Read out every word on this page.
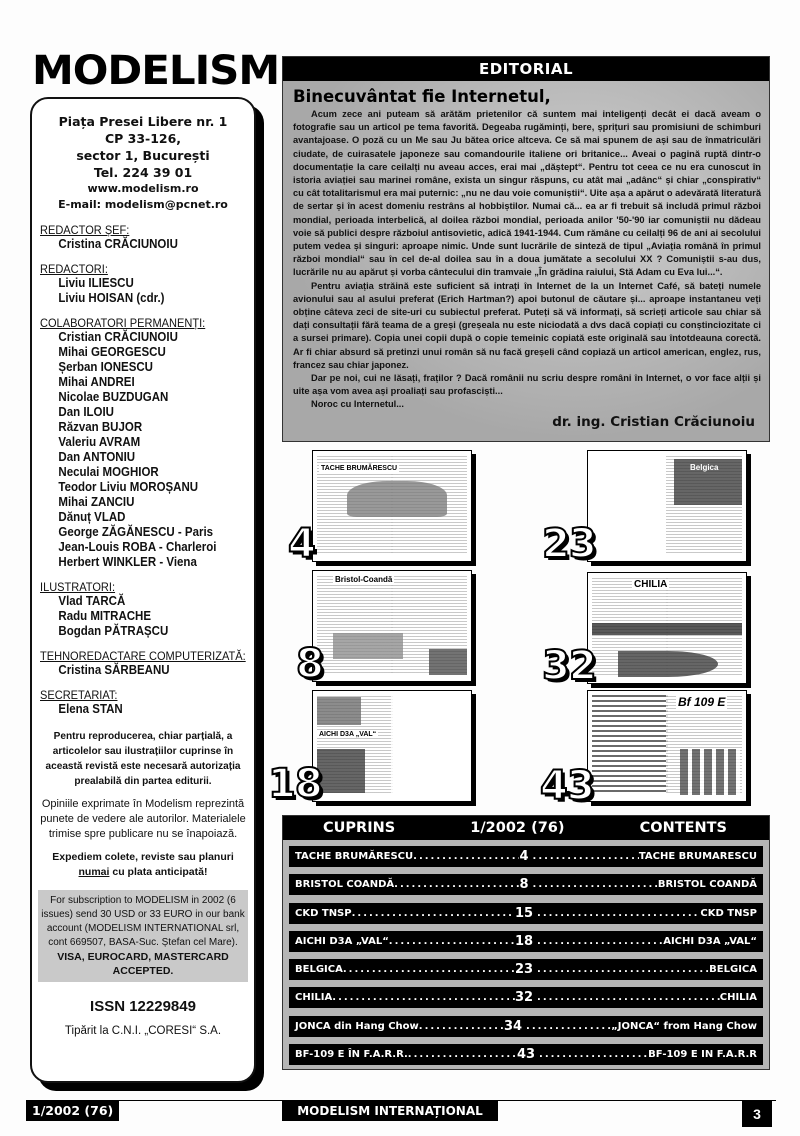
MODELISM
Piața Presei Libere nr. 1
CP 33-126,
sector 1, București
Tel. 224 39 01
www.modelism.ro
E-mail: modelism@pcnet.ro
REDACTOR ȘEF:
Cristina CRĂCIUNOIU
REDACTORI:
Liviu ILIESCU
Liviu HOISAN (cdr.)
COLABORATORI PERMANENȚI:
Cristian CRĂCIUNOIU
Mihai GEORGESCU
Șerban IONESCU
Mihai ANDREI
Nicolae BUZDUGAN
Dan ILOIU
Răzvan BUJOR
Valeriu AVRAM
Dan ANTONIU
Neculai MOGHIOR
Teodor Liviu MOROȘANU
Mihai ZANCIU
Dănuț VLAD
George ZĂGĂNESCU - Paris
Jean-Louis ROBA - Charleroi
Herbert WINKLER - Viena
ILUSTRATORI:
Vlad TARCĂ
Radu MITRACHE
Bogdan PĂTRAȘCU
TEHNOREDACTARE COMPUTERIZATĂ:
Cristina SĂRBEANU
SECRETARIAT:
Elena STAN
Pentru reproducerea, chiar parțială, a articolelor sau ilustrațiilor cuprinse în această revistă este necesară autorizația prealabilă din partea editurii.
Opiniile exprimate în Modelism reprezintă punete de vedere ale autorilor. Materialele trimise spre publicare nu se înapoiază.
Expediem colete, reviste sau planuri numai cu plata anticipată!
For subscription to MODELISM in 2002 (6 issues) send 30 USD or 33 EURO in our bank account (MODELISM INTERNATIONAL srl, cont 669507, BASA-Suc. Ștefan cel Mare).
VISA, EUROCARD, MASTERCARD ACCEPTED.
ISSN 12229849
Tipărit la C.N.I. „CORESI“ S.A.
EDITORIAL
Binecuvântat fie Internetul,

Acum zece ani puteam să arătăm prietenilor că suntem mai inteligenți decât ei dacă aveam o fotografie sau un articol pe tema favorită. Degeaba rugăminți, bere, șprițuri sau promisiuni de schimburi avantajoase. O poză cu un Me sau Ju bătea orice altceva. Ce să mai spunem de ași sau de înmatriculări ciudate, de cuirasatele japoneze sau comandourile italiene ori britanice... Aveai o pagină ruptă dintr-o documentație la care ceilalți nu aveau acces, erai mai „dăștept“. Pentru tot ceea ce nu era cunoscut în istoria aviației sau marinei române, exista un singur răspuns, cu atât mai „adânc“ și chiar „conspirativ“ cu cât totalitarismul era mai puternic: „nu ne dau voie comuniștii“. Uite așa a apărut o adevărată literatură de sertar și în acest domeniu restrâns al hobbiștilor. Numai că... ea ar fi trebuit să includă primul război mondial, perioada interbelică, al doilea război mondial, perioada anilor '50-'90 iar comuniștii nu dădeau voie să publici despre războiul antisovietic, adică 1941-1944. Cum rămâne cu ceilalți 96 de ani ai secolului putem vedea și singuri: aproape nimic. Unde sunt lucrările de sinteză de tipul „Aviația română în primul război mondial“ sau în cel de-al doilea sau în a doua jumătate a secolului XX ? Comuniștii s-au dus, lucrările nu au apărut și vorba cântecului din tramvaie „În grădina raiului, Stă Adam cu Eva lui...“.

Pentru aviația străină este suficient să intrați în Internet de la un Internet Café, să bateți numele avionului sau al asului preferat (Erich Hartman?) apoi butonul de căutare și... aproape instantaneu veți obține câteva zeci de site-uri cu subiectul preferat. Puteți să vă informați, să scrieți articole sau chiar să dați consultații fără teama de a greși (greșeala nu este niciodată a dvs dacă copiați cu conștinciozitate ci a sursei primare). Copia unei copii după o copie temeinic copiată este originală sau întotdeauna corectă. Ar fi chiar absurd să pretinzi unui român să nu facă greșeli când copiază un articol american, englez, rus, francez sau chiar japonez.

Dar pe noi, cui ne lăsați, fraților ? Dacă românii nu scriu despre români în Internet, o vor face alții și uite așa vom avea ași proaliați sau profasciști...

Noroc cu Internetul...

dr. ing. Cristian Crăciunoiu
TACHE BRUMĂRESCU
4
Belgica
23
Bristol-Coandă
8
CHILIA
32
AICHI D3A „VAL“
18
Bf 109 E
43
CUPRINS	1/2002 (76)	CONTENTS
TACHE BRUMĂRESCU .....	4 .....	TACHE BRUMARESCU
BRISTOL COANDĂ .....	8 .....	BRISTOL COANDĂ
CKD TNSP .....	15 .....	CKD TNSP
AICHI D3A „VAL“ .....	18 .....	AICHI D3A „VAL“
BELGICA .....	23 .....	BELGICA
CHILIA .....	32 .....	CHILIA
JONCA din Hang Chow .....	34 .....	„JONCA“ from Hang Chow
BF-109 E ÎN F.A.R.R. .....	43 .....	BF-109 E IN F.A.R.R
1/2002 (76)	MODELISM INTERNAȚIONAL	3
